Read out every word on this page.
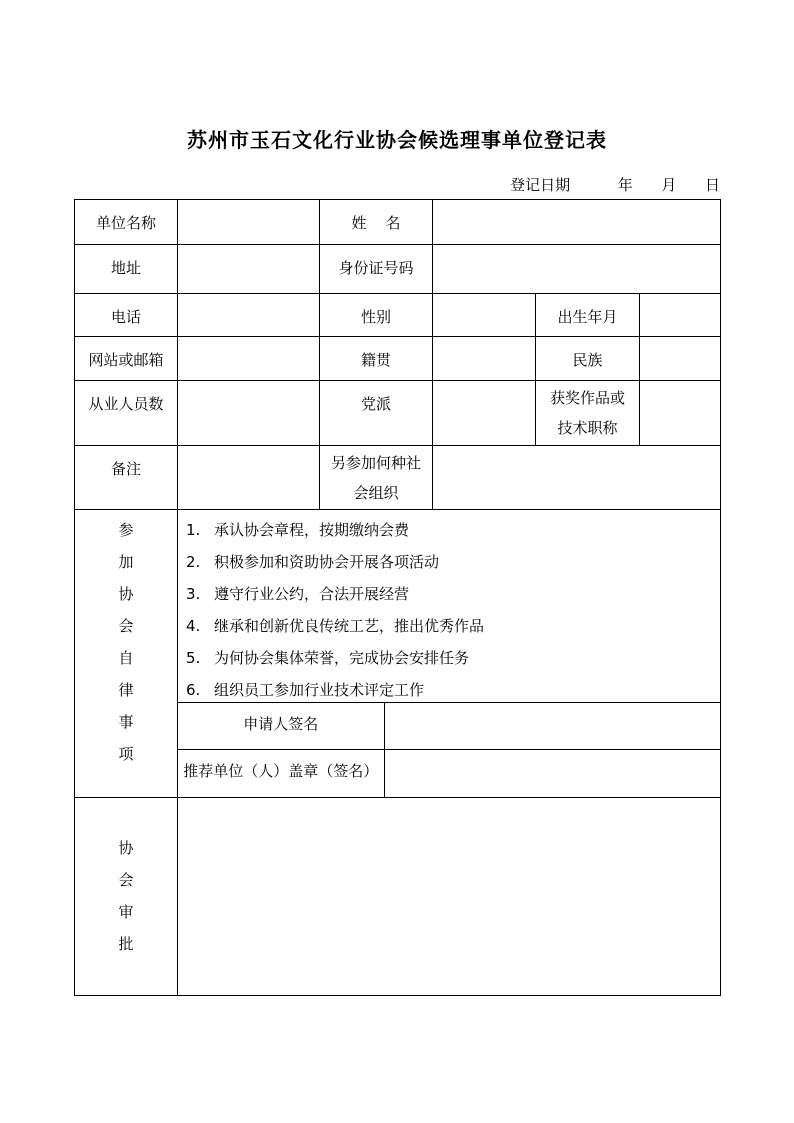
苏州市玉石文化行业协会候选理事单位登记表
登记日期          年      月      日
单位名称		姓    名	
地址		身份证号码	
电话		性别		出生年月	
网站或邮箱		籍贯		民族	
从业人员数		党派		获奖作品或
技术职称

备注		另参加何种社
会组织

参
加
协
会
自
律
事
项

1. 承认协会章程，按期缴纳会费
2. 积极参加和资助协会开展各项活动
3. 遵守行业公约，合法开展经营
4. 继承和创新优良传统工艺，推出优秀作品
5. 为何协会集体荣誉，完成协会安排任务
6. 组织员工参加行业技术评定工作
申请人签名	
推荐单位（人）盖章（签名）	

协
会
审
批
